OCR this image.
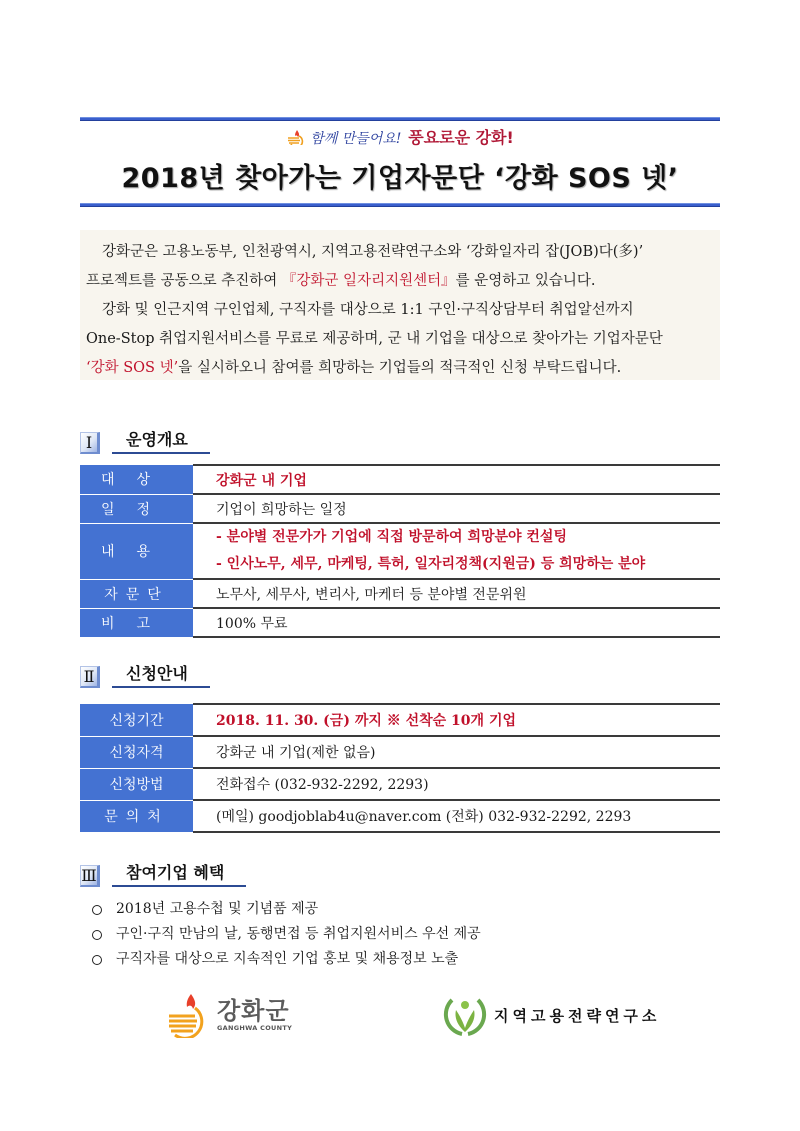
함께 만들어요! 풍요로운 강화!
2018년 찾아가는 기업자문단 ‘강화 SOS 넷’

강화군은 고용노동부, 인천광역시, 지역고용전략연구소와 ‘강화일자리 잡(JOB)다(多)’

프로젝트를 공동으로 추진하여 『강화군 일자리지원센터』를 운영하고 있습니다.

강화 및 인근지역 구인업체, 구직자를 대상으로 1:1 구인·구직상담부터 취업알선까지

One-Stop 취업지원서비스를 무료로 제공하며, 군 내 기업을 대상으로 찾아가는 기업자문단

‘강화 SOS 넷’을 실시하오니 참여를 희망하는 기업들의 적극적인 신청 부탁드립니다.

Ⅰ	운영개요
대상	강화군 내 기업
일정	기업이 희망하는 일정
내용	- 분야별 전문가가 기업에 직접 방문하여 희망분야 컨설팅
- 인사노무, 세무, 마케팅, 특허, 일자리정책(지원금) 등 희망하는 분야

자문단	노무사, 세무사, 변리사, 마케터 등 분야별 전문위원
비고	100% 무료
Ⅱ	신청안내
신청기간	2018. 11. 30. (금) 까지 ※ 선착순 10개 기업
신청자격	강화군 내 기업(제한 없음)
신청방법	전화접수 (032-932-2292, 2293)
문의처	(메일) goodjoblab4u@naver.com (전화) 032-932-2292, 2293
Ⅲ	참여기업 혜택
2018년 고용수첩 및 기념품 제공
구인·구직 만남의 날, 동행면접 등 취업지원서비스 우선 제공
구직자를 대상으로 지속적인 기업 홍보 및 채용정보 노출
강화군
GANGHWA COUNTY
지역고용전략연구소
